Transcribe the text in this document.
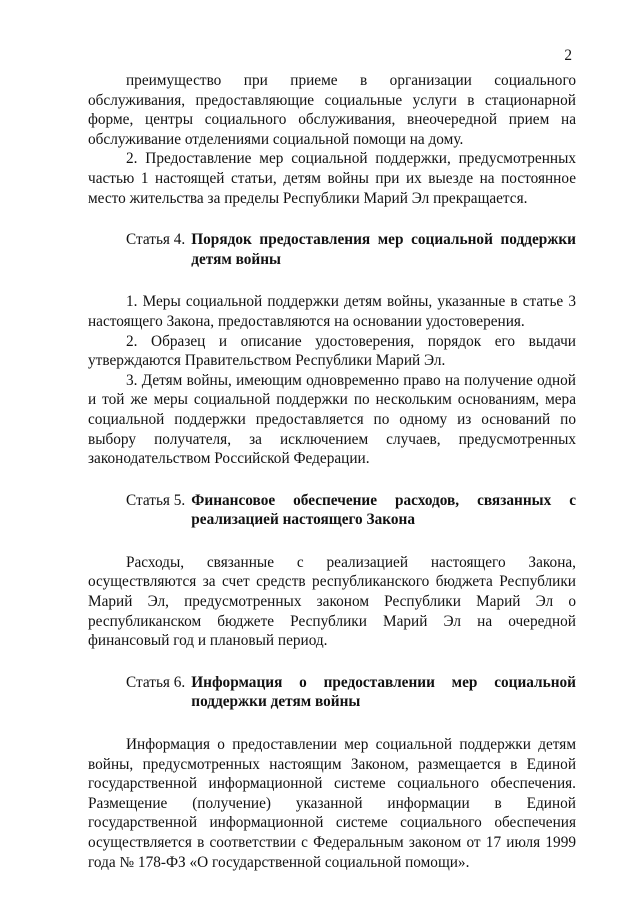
2

преимущество при приеме в организации социального обслуживания, предоставляющие социальные услуги в стационарной форме, центры социального обслуживания, внеочередной прием на обслуживание отделениями социальной помощи на дому.

2. Предоставление мер социальной поддержки, предусмотренных частью 1 настоящей статьи, детям войны при их выезде на постоянное место жительства за пределы Республики Марий Эл прекращается.

Статья 4. Порядок предоставления мер социальной поддержки детям войны

1. Меры социальной поддержки детям войны, указанные в статье 3 настоящего Закона, предоставляются на основании удостоверения.

2. Образец и описание удостоверения, порядок его выдачи утверждаются Правительством Республики Марий Эл.

3. Детям войны, имеющим одновременно право на получение одной и той же меры социальной поддержки по нескольким основаниям, мера социальной поддержки предоставляется по одному из оснований по выбору получателя, за исключением случаев, предусмотренных законодательством Российской Федерации.

Статья 5. Финансовое обеспечение расходов, связанных с реализацией настоящего Закона

Расходы, связанные с реализацией настоящего Закона, осуществляются за счет средств республиканского бюджета Республики Марий Эл, предусмотренных законом Республики Марий Эл о республиканском бюджете Республики Марий Эл на очередной финансовый год и плановый период.

Статья 6. Информация о предоставлении мер социальной поддержки детям войны

Информация о предоставлении мер социальной поддержки детям войны, предусмотренных настоящим Законом, размещается в Единой государственной информационной системе социального обеспечения. Размещение (получение) указанной информации в Единой государственной информационной системе социального обеспечения осуществляется в соответствии с Федеральным законом от 17 июля 1999 года № 178-ФЗ «О государственной социальной помощи».
